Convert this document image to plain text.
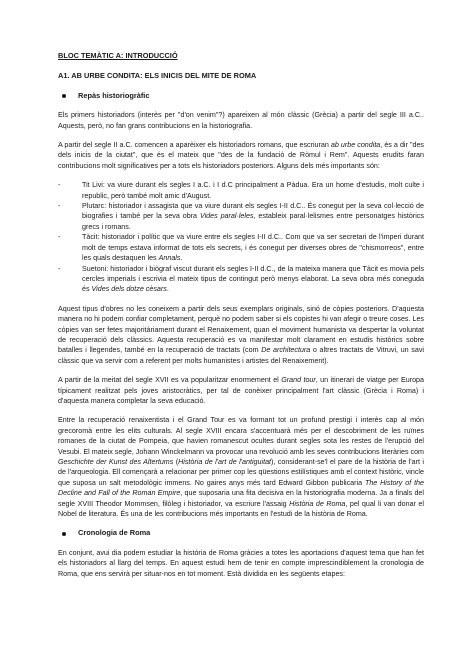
BLOC TEMÀTIC A: INTRODUCCIÓ
A1. AB URBE CONDITA: ELS INICIS DEL MITE DE ROMA
Repàs historiogràfic

Els primers historiadors (interès per "d'on venim"?) apareixen al món clàssic (Grècia) a partir del segle III a.C.. Aquests, però, no fan grans contribucions en la historiografia.

A partir del segle II a.C. comencen a aparèixer els historiadors romans, que escriuran ab urbe condita, és a dir "des dels inicis de la ciutat", que és el mateix que "des de la fundació de Ròmul i Rem". Aquests erudits faran contribucions molt significatives per a tots els historiadors posteriors. Alguns dels més importants són:

-	Tit Livi: va viure durant els segles I a.C. i I d.C principalment a Pàdua. Era un home d'estudis, molt culte i republic, però també molt amic d'August.
-	Plutarc: historiador i assagista que va viure durant els segles I-II d.C.. És conegut per la seva col·lecció de biografies i també per la seva obra Vides paral·leles, estableix paral·lelismes entre personatges històrics grecs i romans.
-	Tàcit: historiador i polític que va viure entre els segles I-II d.C.. Com que va ser secretari de l'imperi durant molt de temps estava informat de tots els secrets, i és conegut per diverses obres de "chismorreos", entre les quals destaquen les Annals.
-	Suetoni: historiador i biògraf viscut durant els segles I-II d.C., de la mateixa manera que Tàcit es movia pels cercles imperials i escrivia el mateix tipus de contingut però menys elaborat. La seva obra més conegudа és Vides dels dotze cèsars.

Aquest tipus d'obres no les coneixem a partir dels seus exemplars originals, sinó de còpies posteriors. D'aquesta manera no hi podem confiar completament, perquè no podem saber si els copistes hi van afegir o treure coses. Les còpies van ser fetes majoritàriament durant el Renaixement, quan el moviment humanista va despertar la voluntat de recuperació dels clàssics. Aquesta recuperació es va manifestar molt clarament en estudis històrics sobre batalles i llegendes, també en la recuperació de tractats (com De architectura o altres tractats de Vitruvi, un savi clàssic que va servir com a referent per molts humanistes i artistes del Renaixement).

A partir de la meitat del segle XVII es va popularitzar enormement el Grand tour, un itinerari de viatge per Europa típicament realitzat pels joves aristocràtics, per tal de conèixer principalment l'art clàssic (Grècia i Roma) i d'aquesta manera completar la seva educació.

Entre la recuperació renaixentista i el Grand Tour es va formant tot un profund prestigi i interès cap al món grecoromà entre les elits culturals. Al segle XVIII encara s'accentuarà més per el descobriment de les ruïnes romanes de la ciutat de Pompeia, que havien romanescut ocultes durant segles sota les restes de l'erupció del Vesubi. El mateix segle, Johann Winckelmann va provocar una revolució amb les seves contribucions literàries com Geschichte der Kunst des Altertums (Història de l'art de l'antiguitat), considerant-se'l el pare de la història de l'art i de l'arqueologia. Ell començarà a relacionar per primer cop les qüestions estilístiques amb el context històric, vincle que suposa un salt metodològic immens. No gaires anys més tard Edward Gibbon publicaria The History of the Decline and Fall of the Roman Empire, que suposaria una fita decisiva en la historiografia moderna. Ja a finals del segle XVIII Theodor Mommsen, filòleg i historiador, va escriure l'assaig Història de Roma, pel qual li van donar el Nobel de literatura. És una de les contribucions més importants en l'estudi de la història de Roma.

Cronologia de Roma

En conjunt, avui dia podem estudiar la història de Roma gràcies a totes les aportacions d'aquest tema que han fet els historiadors al llarg del temps. En aquest estudi hem de tenir en compte imprescindiblement la cronologia de Roma, que ens servirà per situar-nos en tot moment. Està dividida en les següents etapes:
